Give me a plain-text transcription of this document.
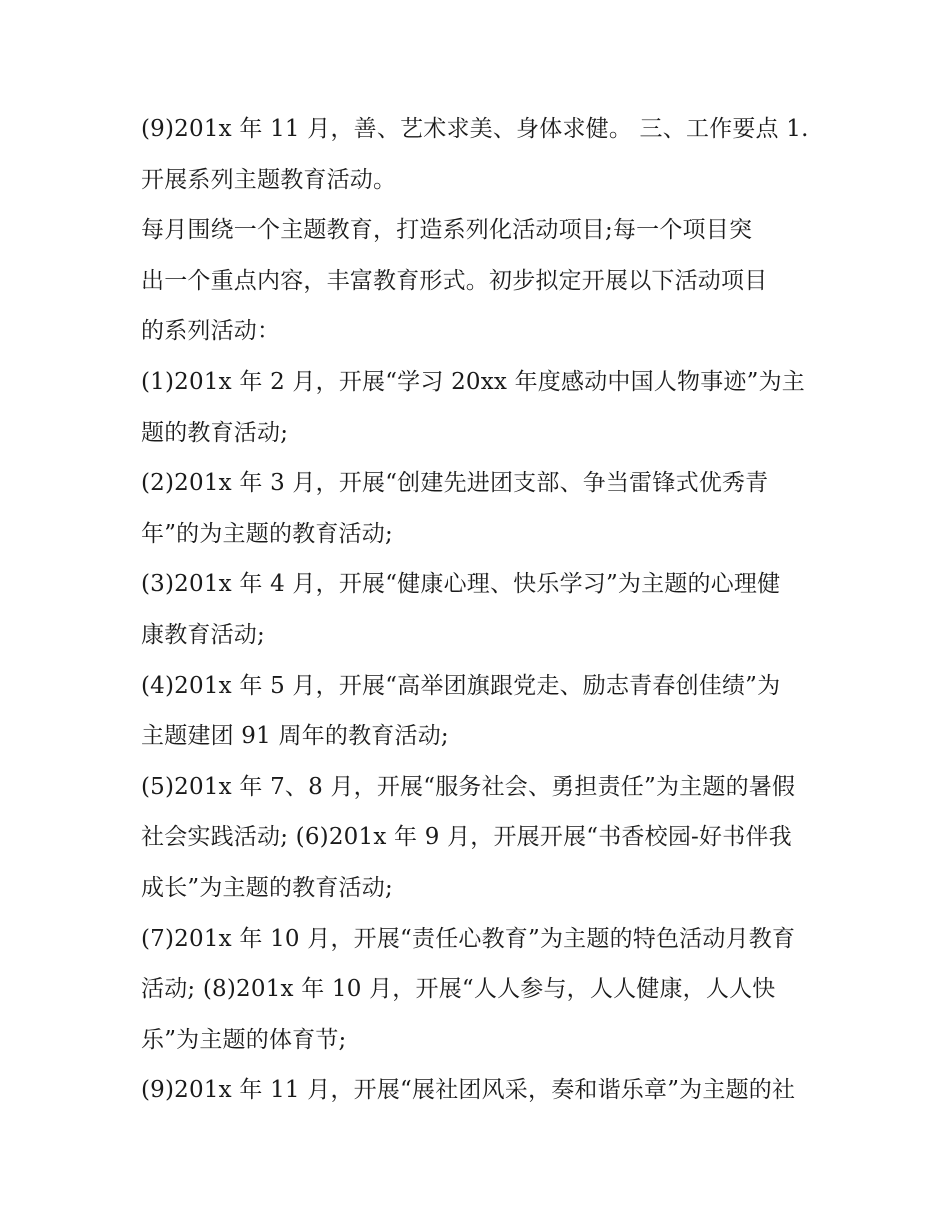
(9)201x 年 11 月，善、艺术求美、身体求健。 三、工作要点 1.
开展系列主题教育活动。
每月围绕一个主题教育，打造系列化活动项目;每一个项目突
出一个重点内容，丰富教育形式。初步拟定开展以下活动项目
的系列活动：
(1)201x 年 2 月，开展“学习 20xx 年度感动中国人物事迹”为主
题的教育活动;
(2)201x 年 3 月，开展“创建先进团支部、争当雷锋式优秀青
年”的为主题的教育活动;
(3)201x 年 4 月，开展“健康心理、快乐学习”为主题的心理健
康教育活动;
(4)201x 年 5 月，开展“高举团旗跟党走、励志青春创佳绩”为
主题建团 91 周年的教育活动;
(5)201x 年 7、8 月，开展“服务社会、勇担责任”为主题的暑假
社会实践活动; (6)201x 年 9 月，开展开展“书香校园-好书伴我
成长”为主题的教育活动;
(7)201x 年 10 月，开展“责任心教育”为主题的特色活动月教育
活动; (8)201x 年 10 月，开展“人人参与，人人健康，人人快
乐”为主题的体育节;
(9)201x 年 11 月，开展“展社团风采，奏和谐乐章”为主题的社
